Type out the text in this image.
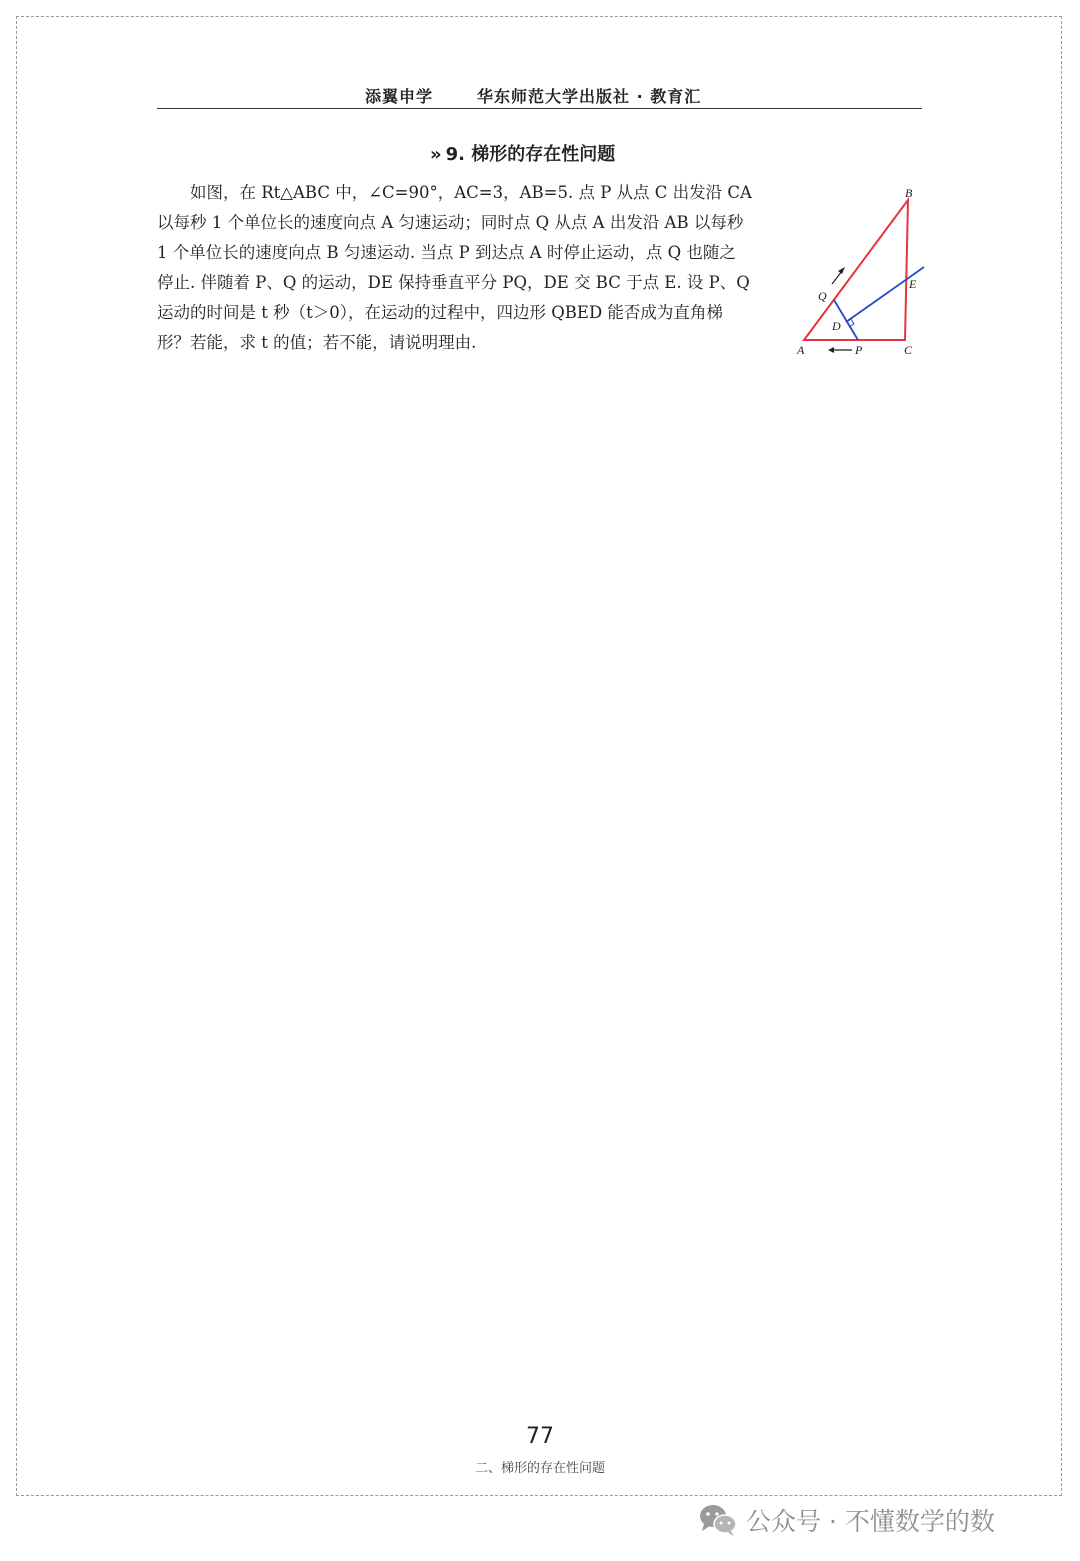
添翼申学	华东师范大学出版社 · 教育汇
» 9. 梯形的存在性问题
　　如图，在 Rt△ABC 中，∠C=90°，AC=3，AB=5. 点 P 从点 C 出发沿 CA
以每秒 1 个单位长的速度向点 A 匀速运动；同时点 Q 从点 A 出发沿 AB 以每秒
1 个单位长的速度向点 B 匀速运动. 当点 P 到达点 A 时停止运动，点 Q 也随之
停止. 伴随着 P、Q 的运动，DE 保持垂直平分 PQ，DE 交 BC 于点 E. 设 P、Q
运动的时间是 t 秒（t＞0），在运动的过程中，四边形 QBED 能否成为直角梯
形？若能，求 t 的值；若不能，请说明理由.
B
E
Q
D
A	P	C
77
二、梯形的存在性问题
公众号 · 不懂数学的数
